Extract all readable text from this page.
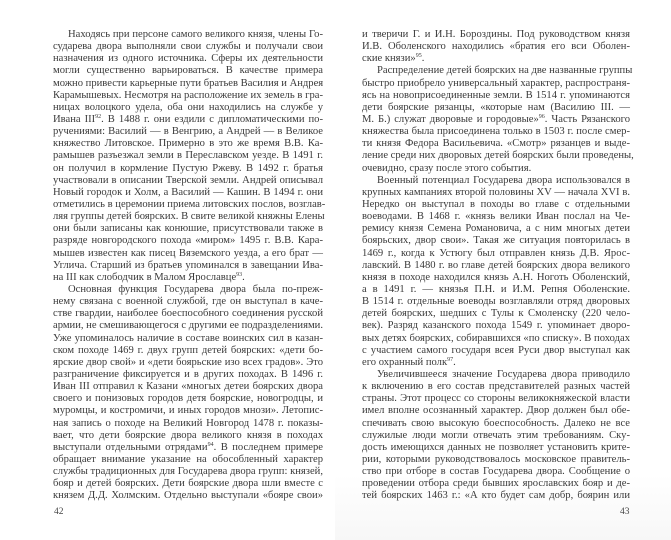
Находясь при персоне самого великого князя, члены Го-
сударева двора выполняли свои службы и получали свои
назначения из одного источника. Сферы их деятельности
могли существенно варьироваться. В качестве примера
можно привести карьерные пути братьев Василия и Андрея
Карамышевых. Несмотря на расположение их земель в гра-
ницах волоцкого удела, оба они находились на службе у
Ивана III$^{92}$. В 1488 г. они ездили с дипломатическими по-
ручениями: Василий — в Венгрию, а Андрей — в Великое
княжество Литовское. Примерно в это же время В.В. Ка-
рамышев разъезжал земли в Переславском уезде. В 1491 г.
он получил в кормление Пустую Ржеву. В 1492 г. братья
участвовали в описании Тверской земли. Андрей описывал
Новый городок и Холм, а Василий — Кашин. В 1494 г. они
отметились в церемонии приема литовских послов, возглав-
ляя группы детей боярских. В свите великой княжны Елены
они были записаны как конюшие, присутствовали также в
разряде новгородского похода «миром» 1495 г. В.В. Кара-
мышев известен как писец Вяземского уезда, а его брат —
Углича. Старший из братьев упоминался в завещании Ива-
на III как слободчик в Малом Ярославце$^{93}$.
Основная функция Государева двора была по-преж-
нему связана с военной службой, где он выступал в каче-
стве гвардии, наиболее боеспособного соединения русской
армии, не смешивающегося с другими ее подразделениями.
Уже упоминалось наличие в составе воинских сил в казан-
ском походе 1469 г. двух групп детей боярских: «дети бо-
ярские двор свой» и «дети боярьские изо всех градов». Это
разграничение фиксируется и в других походах. В 1496 г.
Иван III отправил к Казани «многых детеи боярских двора
своего и понизовых городов детя боярские, новогродцы, и
муромцы, и костромичи, и иных городов мнози». Летопис-
ная запись о походе на Великий Новгород 1478 г. показы-
вает, что дети боярские двора великого князя в походах
выступали отдельными отрядами$^{94}$. В последнем примере
обращает внимание указание на обособленный характер
службы традиционных для Государева двора групп: князей,
бояр и детей боярских. Дети боярские двора шли вместе с
князем Д.Д. Холмским. Отдельно выступали «бояре свои»
42
и тверичи Г. и И.Н. Бороздины. Под руководством князя
И.В. Оболенского находились «братия его вси Оболен-
ские князи»$^{95}$.
Распределение детей боярских на две названные группы
быстро приобрело универсальный характер, распространя-
ясь на новоприсоединенные земли. В 1514 г. упоминаются
дети боярские рязанцы, «которые нам (Василию III. —
М. Б.) служат дворовые и городовые»$^{96}$. Часть Рязанского
княжества была присоединена только в 1503 г. после смер-
ти князя Федора Васильевича. «Смотр» рязанцев и выде-
ление среди них дворовых детей боярских были проведены,
очевидно, сразу после этого события.
Военный потенциал Государева двора использовался в
крупных кампаниях второй половины XV — начала XVI в.
Нередко он выступал в походы во главе с отдельными
воеводами. В 1468 г. «князь велики Иван послал на Че-
ремису князя Семена Романовича, а с ним многых детеи
боярьских, двор свои». Такая же ситуация повторилась в
1469 г., когда к Устюгу был отправлен князь Д.В. Ярос-
лавский. В 1480 г. во главе детей боярских двора великого
князя в походе находился князь А.Н. Ноготь Оболенский,
а в 1491 г. — князья П.Н. и И.М. Репня Оболенские.
В 1514 г. отдельные воеводы возглавляли отряд дворовых
детей боярских, шедших с Тулы к Смоленску (220 чело-
век). Разряд казанского похода 1549 г. упоминает дворо-
вых детях боярских, собиравшихся «по списку». В походах
с участием самого государя всея Руси двор выступал как
его охранный полк$^{97}$.
Увеличившееся значение Государева двора приводило
к включению в его состав представителей разных частей
страны. Этот процесс со стороны великокняжеской власти
имел вполне осознанный характер. Двор должен был обе-
спечивать свою высокую боеспособность. Далеко не все
служилые люди могли отвечать этим требованиям. Ску-
дость имеющихся данных не позволяет установить крите-
рии, которыми руководствовалось московское правитель-
ство при отборе в состав Государева двора. Сообщение о
проведении отбора среди бывших ярославских бояр и де-
тей боярских 1463 г.: «А кто будет сам добр, боярин или
43
